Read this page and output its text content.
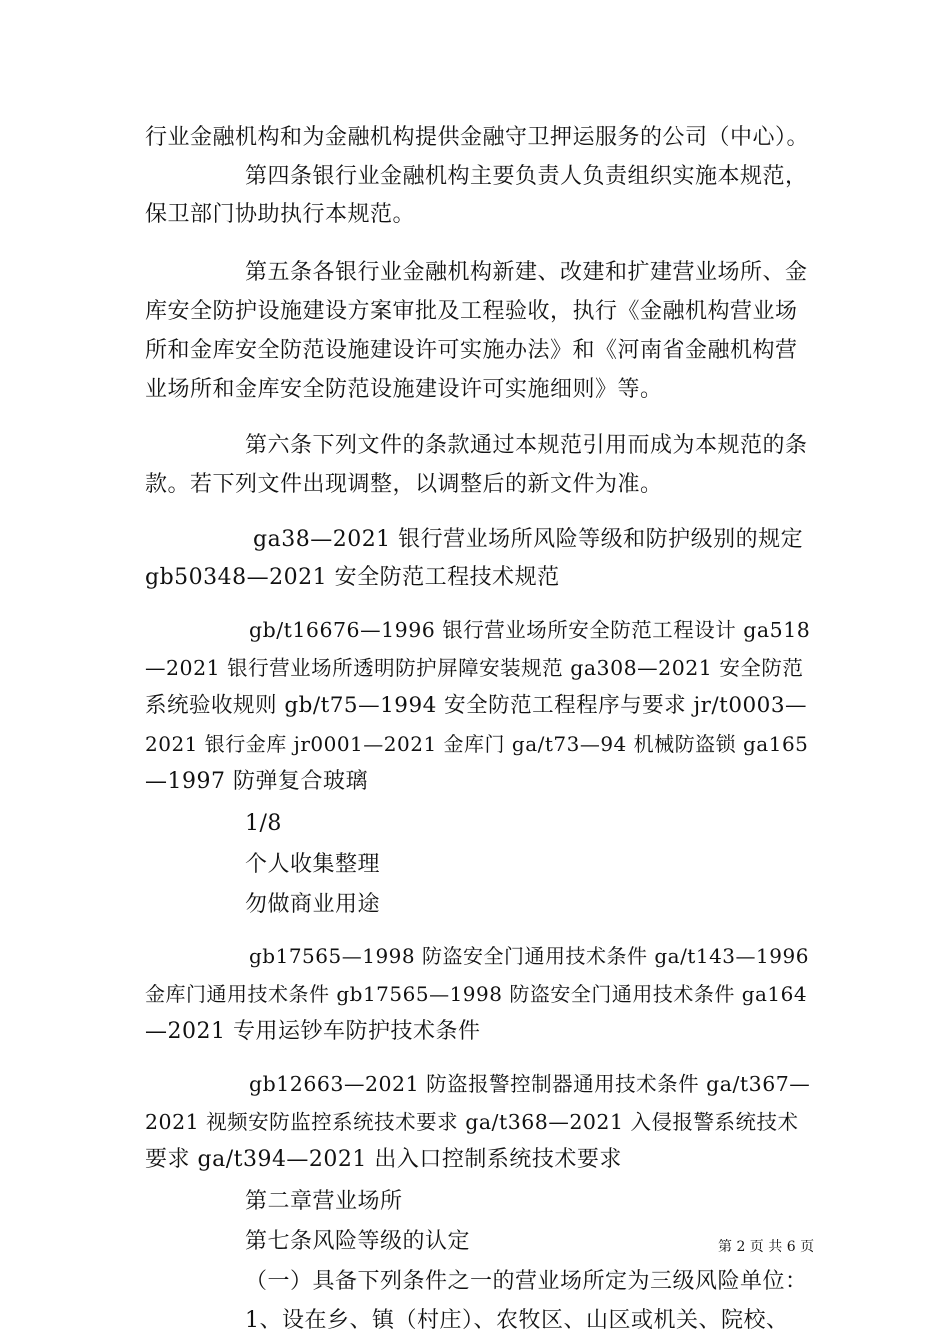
行业金融机构和为金融机构提供金融守卫押运服务的公司（中心）。
第四条银行业金融机构主要负责人负责组织实施本规范，
保卫部门协助执行本规范。
第五条各银行业金融机构新建、改建和扩建营业场所、金
库安全防护设施建设方案审批及工程验收，执行《金融机构营业场
所和金库安全防范设施建设许可实施办法》和《河南省金融机构营
业场所和金库安全防范设施建设许可实施细则》等。
第六条下列文件的条款通过本规范引用而成为本规范的条
款。若下列文件出现调整，以调整后的新文件为准。
ga38—2021 银行营业场所风险等级和防护级别的规定
gb50348—2021 安全防范工程技术规范
gb/t16676—1996 银行营业场所安全防范工程设计 ga518
—2021 银行营业场所透明防护屏障安装规范 ga308—2021 安全防范
系统验收规则 gb/t75—1994 安全防范工程程序与要求 jr/t0003—
2021 银行金库 jr0001—2021 金库门 ga/t73—94 机械防盗锁 ga165
—1997 防弹复合玻璃
1/8
个人收集整理
勿做商业用途
gb17565—1998 防盗安全门通用技术条件 ga/t143—1996
金库门通用技术条件 gb17565—1998 防盗安全门通用技术条件 ga164
—2021 专用运钞车防护技术条件
gb12663—2021 防盗报警控制器通用技术条件 ga/t367—
2021 视频安防监控系统技术要求 ga/t368—2021 入侵报警系统技术
要求 ga/t394—2021 出入口控制系统技术要求
第二章营业场所
第七条风险等级的认定
（一）具备下列条件之一的营业场所定为三级风险单位：
1、设在乡、镇（村庄）、农牧区、山区或机关、院校、
第 2 页 共 6 页
